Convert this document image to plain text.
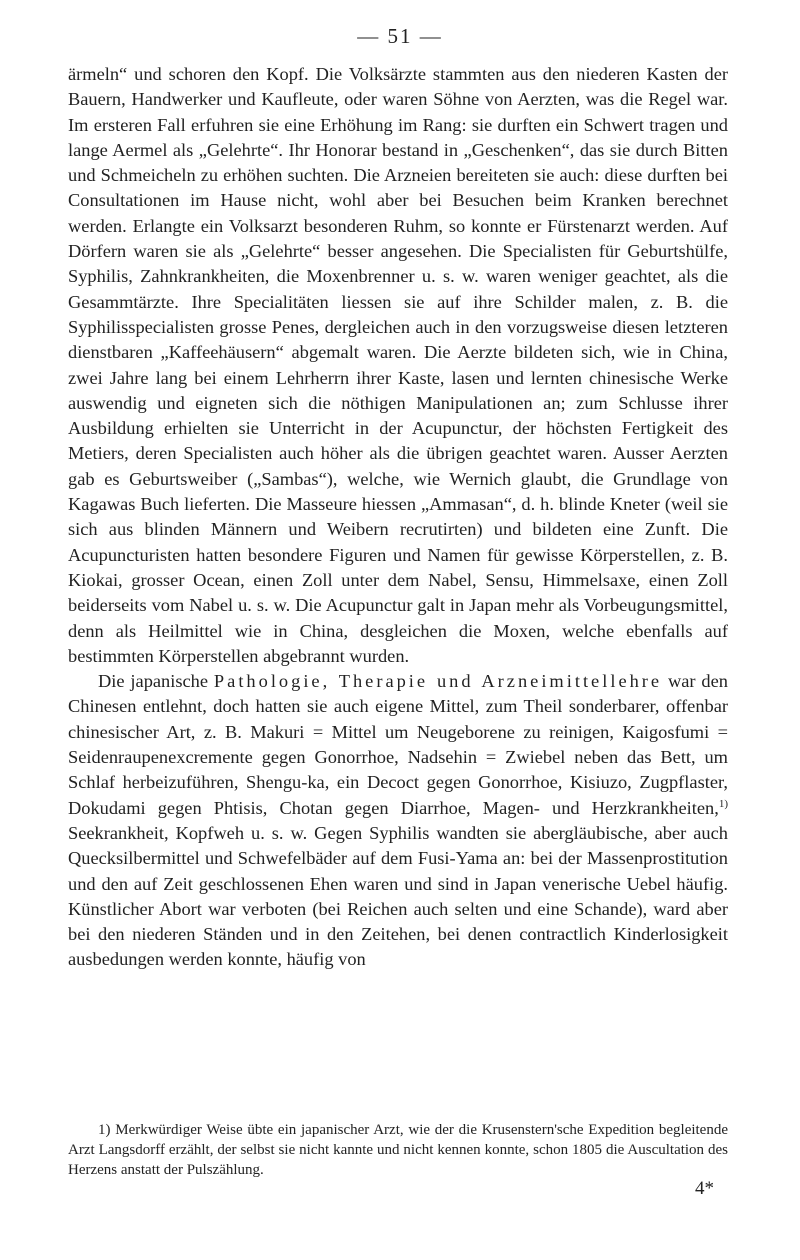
— 51 —

ärmeln“ und schoren den Kopf. Die Volksärzte stammten aus den niederen Kasten der Bauern, Handwerker und Kaufleute, oder waren Söhne von Aerzten, was die Regel war. Im ersteren Fall erfuhren sie eine Erhöhung im Rang: sie durften ein Schwert tragen und lange Aermel als „Gelehrte“. Ihr Honorar bestand in „Geschenken“, das sie durch Bitten und Schmeicheln zu erhöhen suchten. Die Arzneien bereiteten sie auch: diese durften bei Consultationen im Hause nicht, wohl aber bei Besuchen beim Kranken berechnet werden. Erlangte ein Volksarzt besonderen Ruhm, so konnte er Fürstenarzt werden. Auf Dörfern waren sie als „Gelehrte“ besser angesehen. Die Specialisten für Geburtshülfe, Syphilis, Zahnkrankheiten, die Moxenbrenner u. s. w. waren weniger geachtet, als die Gesammtärzte. Ihre Specialitäten liessen sie auf ihre Schilder malen, z. B. die Syphilisspecialisten grosse Penes, dergleichen auch in den vorzugsweise diesen letzteren dienstbaren „Kaffeehäusern“ abgemalt waren. Die Aerzte bildeten sich, wie in China, zwei Jahre lang bei einem Lehrherrn ihrer Kaste, lasen und lernten chinesische Werke auswendig und eigneten sich die nöthigen Manipulationen an; zum Schlusse ihrer Ausbildung erhielten sie Unterricht in der Acupunctur, der höchsten Fertigkeit des Metiers, deren Specialisten auch höher als die übrigen geachtet waren. Ausser Aerzten gab es Geburtsweiber („Sambas“), welche, wie Wernich glaubt, die Grundlage von Kagawas Buch lieferten. Die Masseure hiessen „Ammasan“, d. h. blinde Kneter (weil sie sich aus blinden Männern und Weibern recrutirten) und bildeten eine Zunft. Die Acupuncturisten hatten besondere Figuren und Namen für gewisse Körperstellen, z. B. Kiokai, grosser Ocean, einen Zoll unter dem Nabel, Sensu, Himmelsaxe, einen Zoll beiderseits vom Nabel u. s. w. Die Acupunctur galt in Japan mehr als Vorbeugungsmittel, denn als Heilmittel wie in China, desgleichen die Moxen, welche ebenfalls auf bestimmten Körperstellen abgebrannt wurden.

Die japanische Pathologie, Therapie und Arzneimittellehre war den Chinesen entlehnt, doch hatten sie auch eigene Mittel, zum Theil sonderbarer, offenbar chinesischer Art, z. B. Makuri = Mittel um Neugeborene zu reinigen, Kaigosfumi = Seidenraupenexcremente gegen Gonorrhoe, Nadsehin = Zwiebel neben das Bett, um Schlaf herbeizuführen, Shengu-ka, ein Decoct gegen Gonorrhoe, Kisiuzo, Zugpflaster, Dokudami gegen Phtisis, Chotan gegen Diarrhoe, Magen- und Herzkrankheiten,$^{1)}$ Seekrankheit, Kopfweh u. s. w. Gegen Syphilis wandten sie abergläubische, aber auch Quecksilbermittel und Schwefelbäder auf dem Fusi-Yama an: bei der Massenprostitution und den auf Zeit geschlossenen Ehen waren und sind in Japan venerische Uebel häufig. Künstlicher Abort war verboten (bei Reichen auch selten und eine Schande), ward aber bei den niederen Ständen und in den Zeitehen, bei denen contractlich Kinderlosigkeit ausbedungen werden konnte, häufig von

1) Merkwürdiger Weise übte ein japanischer Arzt, wie der die Krusenstern'sche Expedition begleitende Arzt Langsdorff erzählt, der selbst sie nicht kannte und nicht kennen konnte, schon 1805 die Auscultation des Herzens anstatt der Pulszählung.

4*
